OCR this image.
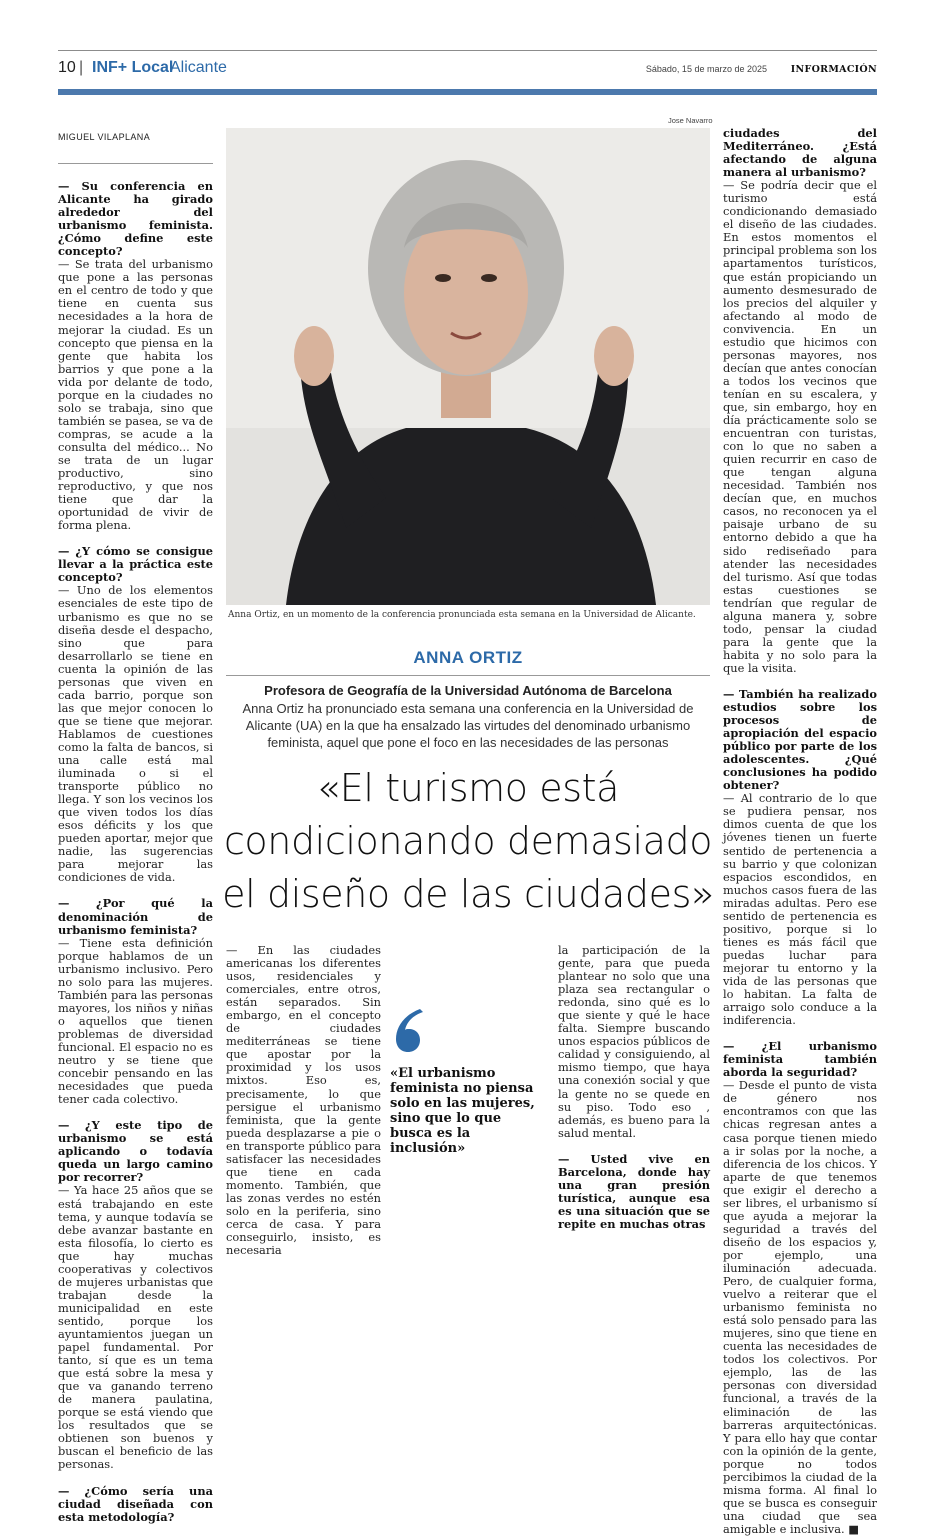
10 | INF+ Local
Alicante	Sábado, 15 de marzo de 2025	INFORMACIÓN
MIGUEL VILAPLANA

— Su conferencia en Alicante ha girado alrededor del urbanismo feminista. ¿Cómo define este concepto?

— Se trata del urbanismo que pone a las personas en el centro de todo y que tiene en cuenta sus necesidades a la hora de mejorar la ciudad. Es un concepto que piensa en la gente que habita los barrios y que pone a la vida por delante de todo, porque en la ciudades no solo se trabaja, sino que también se pasea, se va de compras, se acude a la consulta del médico... No se trata de un lugar productivo, sino reproductivo, y que nos tiene que dar la oportunidad de vivir de forma plena.

— ¿Y cómo se consigue llevar a la práctica este concepto?

— Uno de los elementos esenciales de este tipo de urbanismo es que no se diseña desde el despacho, sino que para desarrollarlo se tiene en cuenta la opinión de las personas que viven en cada barrio, porque son las que mejor conocen lo que se tiene que mejorar. Hablamos de cuestiones como la falta de bancos, si una calle está mal iluminada o si el transporte público no llega. Y son los vecinos los que viven todos los días esos déficits y los que pueden aportar, mejor que nadie, las sugerencias para mejorar las condiciones de vida.

— ¿Por qué la denominación de urbanismo feminista?

— Tiene esta definición porque hablamos de un urbanismo inclusivo. Pero no solo para las mujeres. También para las personas mayores, los niños y niñas o aquellos que tienen problemas de diversidad funcional. El espacio no es neutro y se tiene que concebir pensando en las necesidades que pueda tener cada colectivo.

— ¿Y este tipo de urbanismo se está aplicando o todavía queda un largo camino por recorrer?

— Ya hace 25 años que se está trabajando en este tema, y aunque todavía se debe avanzar bastante en esta filosofía, lo cierto es que hay muchas cooperativas y colectivos de mujeres urbanistas que trabajan desde la municipalidad en este sentido, porque los ayuntamientos juegan un papel fundamental. Por tanto, sí que es un tema que está sobre la mesa y que va ganando terreno de manera paulatina, porque se está viendo que los resultados que se obtienen son buenos y buscan el beneficio de las personas.

— ¿Cómo sería una ciudad diseñada con esta metodología?

Jose Navarro
Anna Ortiz, en un momento de la conferencia pronunciada esta semana en la Universidad de Alicante.

ciudades del Mediterráneo. ¿Está afectando de alguna manera al urbanismo?

— Se podría decir que el turismo está condicionando demasiado el diseño de las ciudades. En estos momentos el principal problema son los apartamentos turísticos, que están propiciando un aumento desmesurado de los precios del alquiler y afectando al modo de convivencia. En un estudio que hicimos con personas mayores, nos decían que antes conocían a todos los vecinos que tenían en su escalera, y que, sin embargo, hoy en día prácticamente solo se encuentran con turistas, con lo que no saben a quien recurrir en caso de que tengan alguna necesidad. También nos decían que, en muchos casos, no reconocen ya el paisaje urbano de su entorno debido a que ha sido rediseñado para atender las necesidades del turismo. Así que todas estas cuestiones se tendrían que regular de alguna manera y, sobre todo, pensar la ciudad para la gente que la habita y no solo para la que la visita.

— También ha realizado estudios sobre los procesos de apropiación del espacio público por parte de los adolescentes. ¿Qué conclusiones ha podido obtener?

— Al contrario de lo que se pudiera pensar, nos dimos cuenta de que los jóvenes tienen un fuerte sentido de pertenencia a su barrio y que colonizan espacios escondidos, en muchos casos fuera de las miradas adultas. Pero ese sentido de pertenencia es positivo, porque si lo tienes es más fácil que puedas luchar para mejorar tu entorno y la vida de las personas que lo habitan. La falta de arraigo solo conduce a la indiferencia.

— ¿El urbanismo feminista también aborda la seguridad?

— Desde el punto de vista de género nos encontramos con que las chicas regresan antes a casa porque tienen miedo a ir solas por la noche, a diferencia de los chicos. Y aparte de que tenemos que exigir el derecho a ser libres, el urbanismo sí que ayuda a mejorar la seguridad a través del diseño de los espacios y, por ejemplo, una iluminación adecuada. Pero, de cualquier forma, vuelvo a reiterar que el urbanismo feminista no está solo pensado para las mujeres, sino que tiene en cuenta las necesidades de todos los colectivos. Por ejemplo, las de las personas con diversidad funcional, a través de la eliminación de las barreras arquitectónicas. Y para ello hay que contar con la opinión de la gente, porque no todos percibimos la ciudad de la misma forma. Al final lo que se busca es conseguir una ciudad que sea amigable e inclusiva. ■

ANNA ORTIZ
Profesora de Geografía de la Universidad Autónoma de Barcelona
Anna Ortiz ha pronunciado esta semana una conferencia en la Universidad de Alicante (UA) en la que ha ensalzado las virtudes del denominado urbanismo feminista, aquel que pone el foco en las necesidades de las personas
«El turismo está condicionando demasiado el diseño de las ciudades»

— En las ciudades americanas los diferentes usos, residenciales y comerciales, entre otros, están separados. Sin embargo, en el concepto de ciudades mediterráneas se tiene que apostar por la proximidad y los usos mixtos. Eso es, precisamente, lo que persigue el urbanismo feminista, que la gente pueda desplazarse a pie o en transporte público para satisfacer las necesidades que tiene en cada momento. También, que las zonas verdes no estén solo en la periferia, sino cerca de casa. Y para conseguirlo, insisto, es necesaria

«El urbanismo feminista no piensa solo en las mujeres, sino que lo que busca es la inclusión»

la participación de la gente, para que pueda plantear no solo que una plaza sea rectangular o redonda, sino qué es lo que siente y qué le hace falta. Siempre buscando unos espacios públicos de calidad y consiguiendo, al mismo tiempo, que haya una conexión social y que la gente no se quede en su piso. Todo eso , además, es bueno para la salud mental.

— Usted vive en Barcelona, donde hay una gran presión turística, aunque esa es una situación que se repite en muchas otras
